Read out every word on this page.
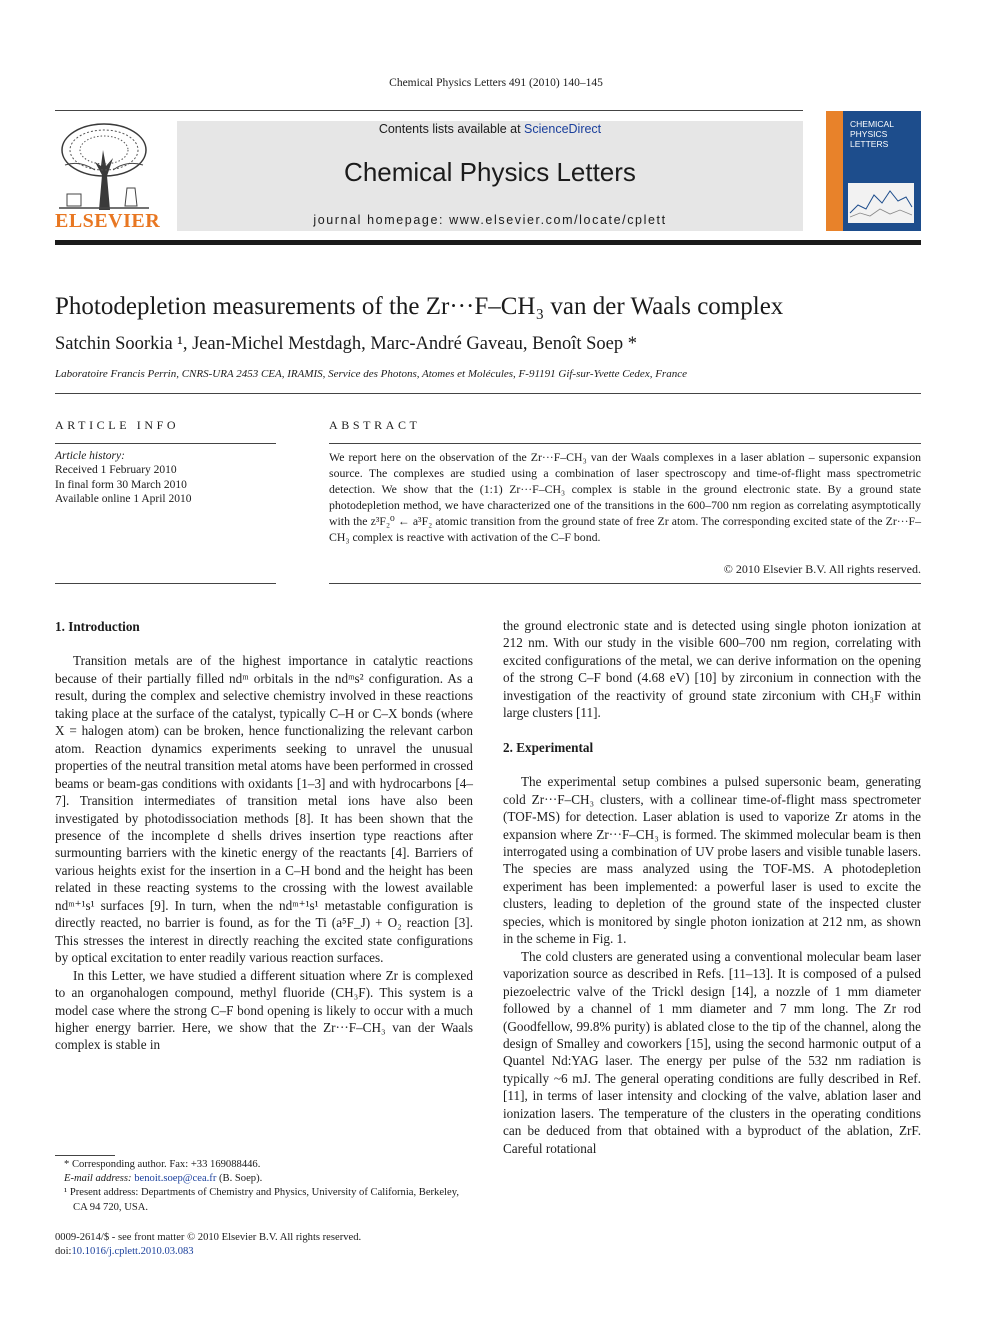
Chemical Physics Letters 491 (2010) 140–145
ELSEVIER
Contents lists available at ScienceDirect
Chemical Physics Letters
journal homepage: www.elsevier.com/locate/cplett
CHEMICAL
PHYSICS
LETTERS
Photodepletion measurements of the Zr···F–CH₃ van der Waals complex
Satchin Soorkia ¹, Jean-Michel Mestdagh, Marc-André Gaveau, Benoît Soep *
Laboratoire Francis Perrin, CNRS-URA 2453 CEA, IRAMIS, Service des Photons, Atomes et Molécules, F-91191 Gif-sur-Yvette Cedex, France
ARTICLE INFO
Article history:
Received 1 February 2010
In final form 30 March 2010
Available online 1 April 2010
ABSTRACT
We report here on the observation of the Zr···F–CH₃ van der Waals complexes in a laser ablation – supersonic expansion source. The complexes are studied using a combination of laser spectroscopy and time-of-flight mass spectrometric detection. We show that the (1:1) Zr···F–CH₃ complex is stable in the ground electronic state. By a ground state photodepletion method, we have characterized one of the transitions in the 600–700 nm region as correlating asymptotically with the z³F₂⁰ ← a³F₂ atomic transition from the ground state of free Zr atom. The corresponding excited state of the Zr···F–CH₃ complex is reactive with activation of the C–F bond.
© 2010 Elsevier B.V. All rights reserved.
1. Introduction

Transition metals are of the highest importance in catalytic reactions because of their partially filled ndᵐ orbitals in the ndᵐs² configuration. As a result, during the complex and selective chemistry involved in these reactions taking place at the surface of the catalyst, typically C–H or C–X bonds (where X = halogen atom) can be broken, hence functionalizing the relevant carbon atom. Reaction dynamics experiments seeking to unravel the unusual properties of the neutral transition metal atoms have been performed in crossed beams or beam-gas conditions with oxidants [1–3] and with hydrocarbons [4–7]. Transition intermediates of transition metal ions have also been investigated by photodissociation methods [8]. It has been shown that the presence of the incomplete d shells drives insertion type reactions after surmounting barriers with the kinetic energy of the reactants [4]. Barriers of various heights exist for the insertion in a C–H bond and the height has been related in these reacting systems to the crossing with the lowest available ndᵐ⁺¹s¹ surfaces [9]. In turn, when the ndᵐ⁺¹s¹ metastable configuration is directly reacted, no barrier is found, as for the Ti (a⁵F_J) + O₂ reaction [3]. This stresses the interest in directly reaching the excited state configurations by optical excitation to enter readily various reaction surfaces.

In this Letter, we have studied a different situation where Zr is complexed to an organohalogen compound, methyl fluoride (CH₃F). This system is a model case where the strong C–F bond opening is likely to occur with a much higher energy barrier. Here, we show that the Zr···F–CH₃ van der Waals complex is stable in

the ground electronic state and is detected using single photon ionization at 212 nm. With our study in the visible 600–700 nm region, correlating with excited configurations of the metal, we can derive information on the opening of the strong C–F bond (4.68 eV) [10] by zirconium in connection with the investigation of the reactivity of ground state zirconium with CH₃F within large clusters [11].

2. Experimental

The experimental setup combines a pulsed supersonic beam, generating cold Zr···F–CH₃ clusters, with a collinear time-of-flight mass spectrometer (TOF-MS) for detection. Laser ablation is used to vaporize Zr atoms in the expansion where Zr···F–CH₃ is formed. The skimmed molecular beam is then interrogated using a combination of UV probe lasers and visible tunable lasers. The species are mass analyzed using the TOF-MS. A photodepletion experiment has been implemented: a powerful laser is used to excite the clusters, leading to depletion of the ground state of the inspected cluster species, which is monitored by single photon ionization at 212 nm, as shown in the scheme in Fig. 1.

The cold clusters are generated using a conventional molecular beam laser vaporization source as described in Refs. [11–13]. It is composed of a pulsed piezoelectric valve of the Trickl design [14], a nozzle of 1 mm diameter followed by a channel of 1 mm diameter and 7 mm long. The Zr rod (Goodfellow, 99.8% purity) is ablated close to the tip of the channel, along the design of Smalley and coworkers [15], using the second harmonic output of a Quantel Nd:YAG laser. The energy per pulse of the 532 nm radiation is typically ~6 mJ. The general operating conditions are fully described in Ref. [11], in terms of laser intensity and clocking of the valve, ablation laser and ionization lasers. The temperature of the clusters in the operating conditions can be deduced from that obtained with a byproduct of the ablation, ZrF. Careful rotational

* Corresponding author. Fax: +33 169088446.
E-mail address: benoit.soep@cea.fr (B. Soep).
¹ Present address: Departments of Chemistry and Physics, University of California, Berkeley, CA 94 720, USA.
0009-2614/$ - see front matter © 2010 Elsevier B.V. All rights reserved.
doi:10.1016/j.cplett.2010.03.083
